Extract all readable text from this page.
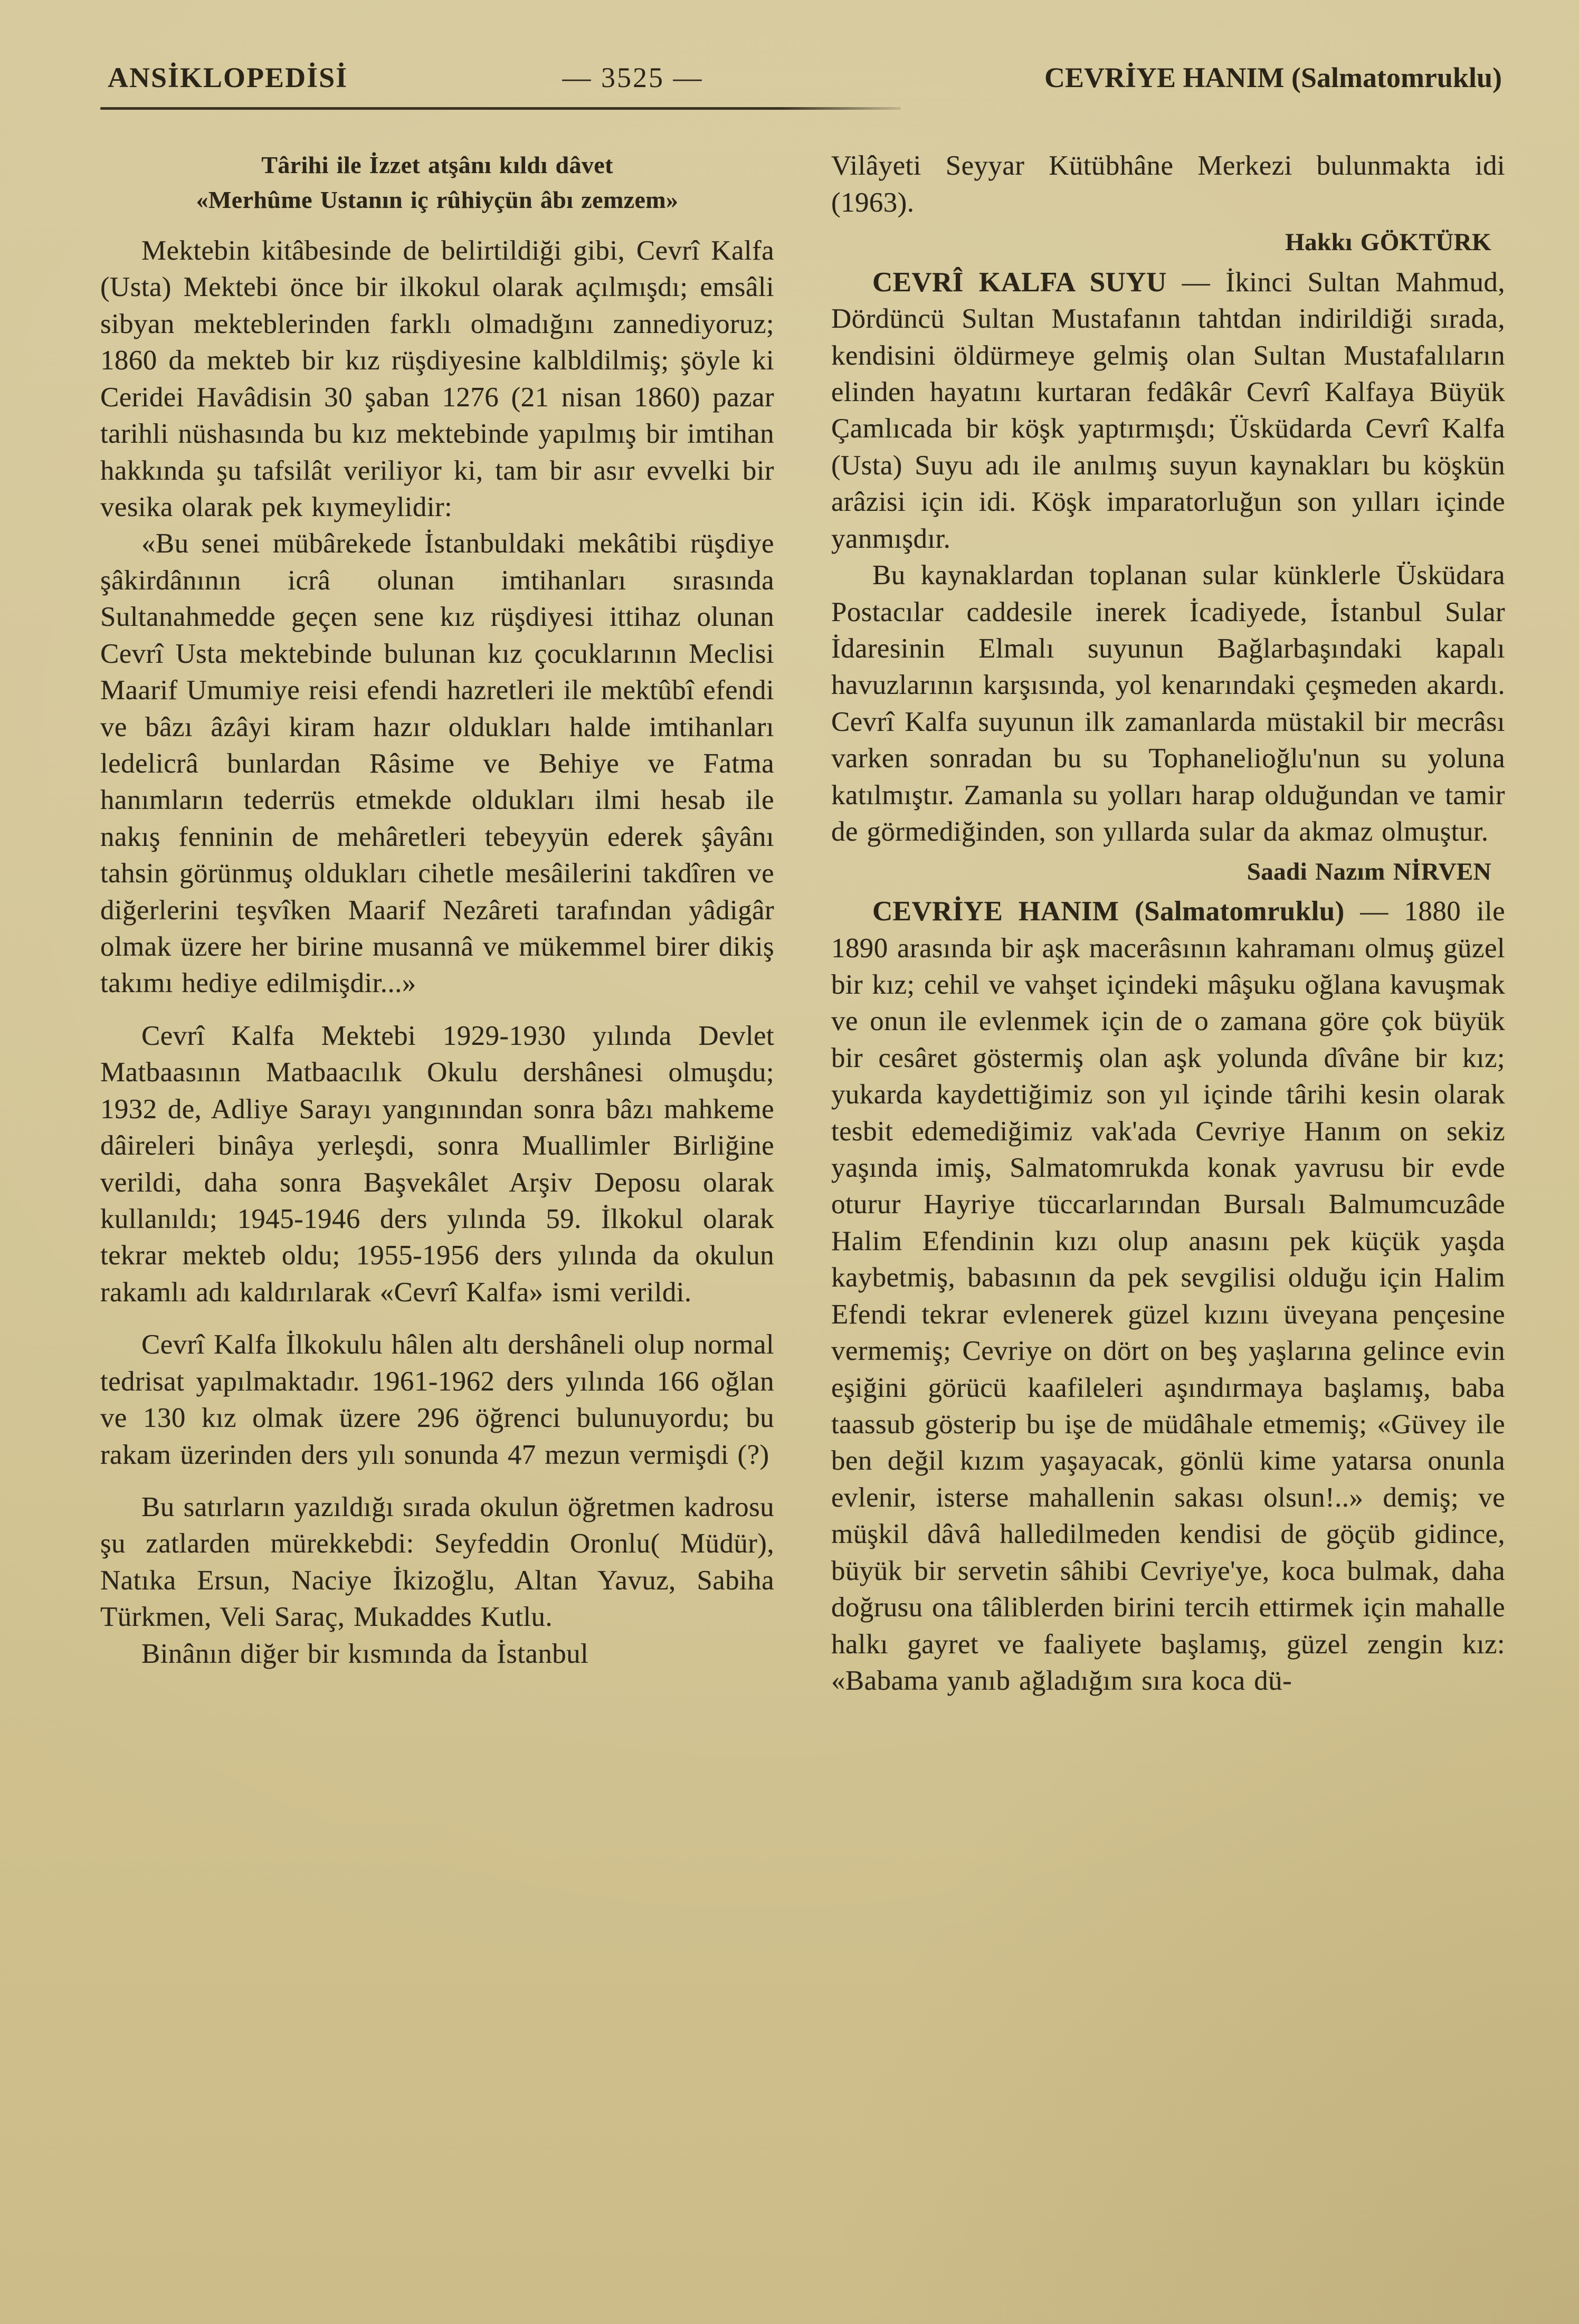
ANSİKLOPEDİSİ	— 3525 —	CEVRİYE HANIM (Salmatomruklu)
Târihi ile İzzet atşânı kıldı dâvet
«Merhûme Ustanın iç rûhiyçün âbı zemzem»

Mektebin kitâbesinde de belirtildiği gibi, Cevrî Kalfa (Usta) Mektebi önce bir ilkokul olarak açılmışdı; emsâli sibyan mekteblerinden farklı olmadığını zannediyoruz; 1860 da mekteb bir kız rüşdiyesine kalbldilmiş; şöyle ki Ceridei Havâdisin 30 şaban 1276 (21 nisan 1860) pazar tarihli nüshasında bu kız mektebinde yapılmış bir imtihan hakkında şu tafsilât veriliyor ki, tam bir asır evvelki bir vesika olarak pek kıymeylidir:

«Bu senei mübârekede İstanbuldaki mekâtibi rüşdiye şâkirdânının icrâ olunan imtihanları sırasında Sultanahmedde geçen sene kız rüşdiyesi ittihaz olunan Cevrî Usta mektebinde bulunan kız çocuklarının Meclisi Maarif Umumiye reisi efendi hazretleri ile mektûbî efendi ve bâzı âzâyi kiram hazır oldukları halde imtihanları ledelicrâ bunlardan Râsime ve Behiye ve Fatma hanımların tederrüs etmekde oldukları ilmi hesab ile nakış fenninin de mehâretleri tebeyyün ederek şâyânı tahsin görünmuş oldukları cihetle mesâilerini takdîren ve diğerlerini teşvîken Maarif Nezâreti tarafından yâdigâr olmak üzere her birine musannâ ve mükemmel birer dikiş takımı hediye edilmişdir...»

Cevrî Kalfa Mektebi 1929-1930 yılında Devlet Matbaasının Matbaacılık Okulu dershânesi olmuşdu; 1932 de, Adliye Sarayı yangınından sonra bâzı mahkeme dâireleri binâya yerleşdi, sonra Muallimler Birliğine verildi, daha sonra Başvekâlet Arşiv Deposu olarak kullanıldı; 1945-1946 ders yılında 59. İlkokul olarak tekrar mekteb oldu; 1955-1956 ders yılında da okulun rakamlı adı kaldırılarak «Cevrî Kalfa» ismi verildi.

Cevrî Kalfa İlkokulu hâlen altı dershâneli olup normal tedrisat yapılmaktadır. 1961-1962 ders yılında 166 oğlan ve 130 kız olmak üzere 296 öğrenci bulunuyordu; bu rakam üzerinden ders yılı sonunda 47 mezun vermişdi (?)

Bu satırların yazıldığı sırada okulun öğretmen kadrosu şu zatlarden mürekkebdi: Seyfeddin Oronlu( Müdür), Natıka Ersun, Naciye İkizoğlu, Altan Yavuz, Sabiha Türkmen, Veli Saraç, Mukaddes Kutlu.

Binânın diğer bir kısmında da İstanbul

Vilâyeti Seyyar Kütübhâne Merkezi bulunmakta idi (1963).

Hakkı GÖKTÜRK

CEVRÎ KALFA SUYU — İkinci Sultan Mahmud, Dördüncü Sultan Mustafanın tahtdan indirildiği sırada, kendisini öldürmeye gelmiş olan Sultan Mustafalıların elinden hayatını kurtaran fedâkâr Cevrî Kalfaya Büyük Çamlıcada bir köşk yaptırmışdı; Üsküdarda Cevrî Kalfa (Usta) Suyu adı ile anılmış suyun kaynakları bu köşkün arâzisi için idi. Köşk imparatorluğun son yılları içinde yanmışdır.

Bu kaynaklardan toplanan sular künklerle Üsküdara Postacılar caddesile inerek İcadiyede, İstanbul Sular İdaresinin Elmalı suyunun Bağlarbaşındaki kapalı havuzlarının karşısında, yol kenarındaki çeşmeden akardı. Cevrî Kalfa suyunun ilk zamanlarda müstakil bir mecrâsı varken sonradan bu su Tophanelioğlu'nun su yoluna katılmıştır. Zamanla su yolları harap olduğundan ve tamir de görmediğinden, son yıllarda sular da akmaz olmuştur.

Saadi Nazım NİRVEN

CEVRİYE HANIM (Salmatomruklu) — 1880 ile 1890 arasında bir aşk macerâsının kahramanı olmuş güzel bir kız; cehil ve vahşet içindeki mâşuku oğlana kavuşmak ve onun ile evlenmek için de o zamana göre çok büyük bir cesâret göstermiş olan aşk yolunda dîvâne bir kız; yukarda kaydettiğimiz son yıl içinde târihi kesin olarak tesbit edemediğimiz vak'ada Cevriye Hanım on sekiz yaşında imiş, Salmatomrukda konak yavrusu bir evde oturur Hayriye tüccarlarından Bursalı Balmumcuzâde Halim Efendinin kızı olup anasını pek küçük yaşda kaybetmiş, babasının da pek sevgilisi olduğu için Halim Efendi tekrar evlenerek güzel kızını üveyana pençesine vermemiş; Cevriye on dört on beş yaşlarına gelince evin eşiğini görücü kaafileleri aşındırmaya başlamış, baba taassub gösterip bu işe de müdâhale etmemiş; «Güvey ile ben değil kızım yaşayacak, gönlü kime yatarsa onunla evlenir, isterse mahallenin sakası olsun!..» demiş; ve müşkil dâvâ halledilmeden kendisi de göçüb gidince, büyük bir servetin sâhibi Cevriye'ye, koca bulmak, daha doğrusu ona tâliblerden birini tercih ettirmek için mahalle halkı gayret ve faaliyete başlamış, güzel zengin kız: «Babama yanıb ağladığım sıra koca dü-
